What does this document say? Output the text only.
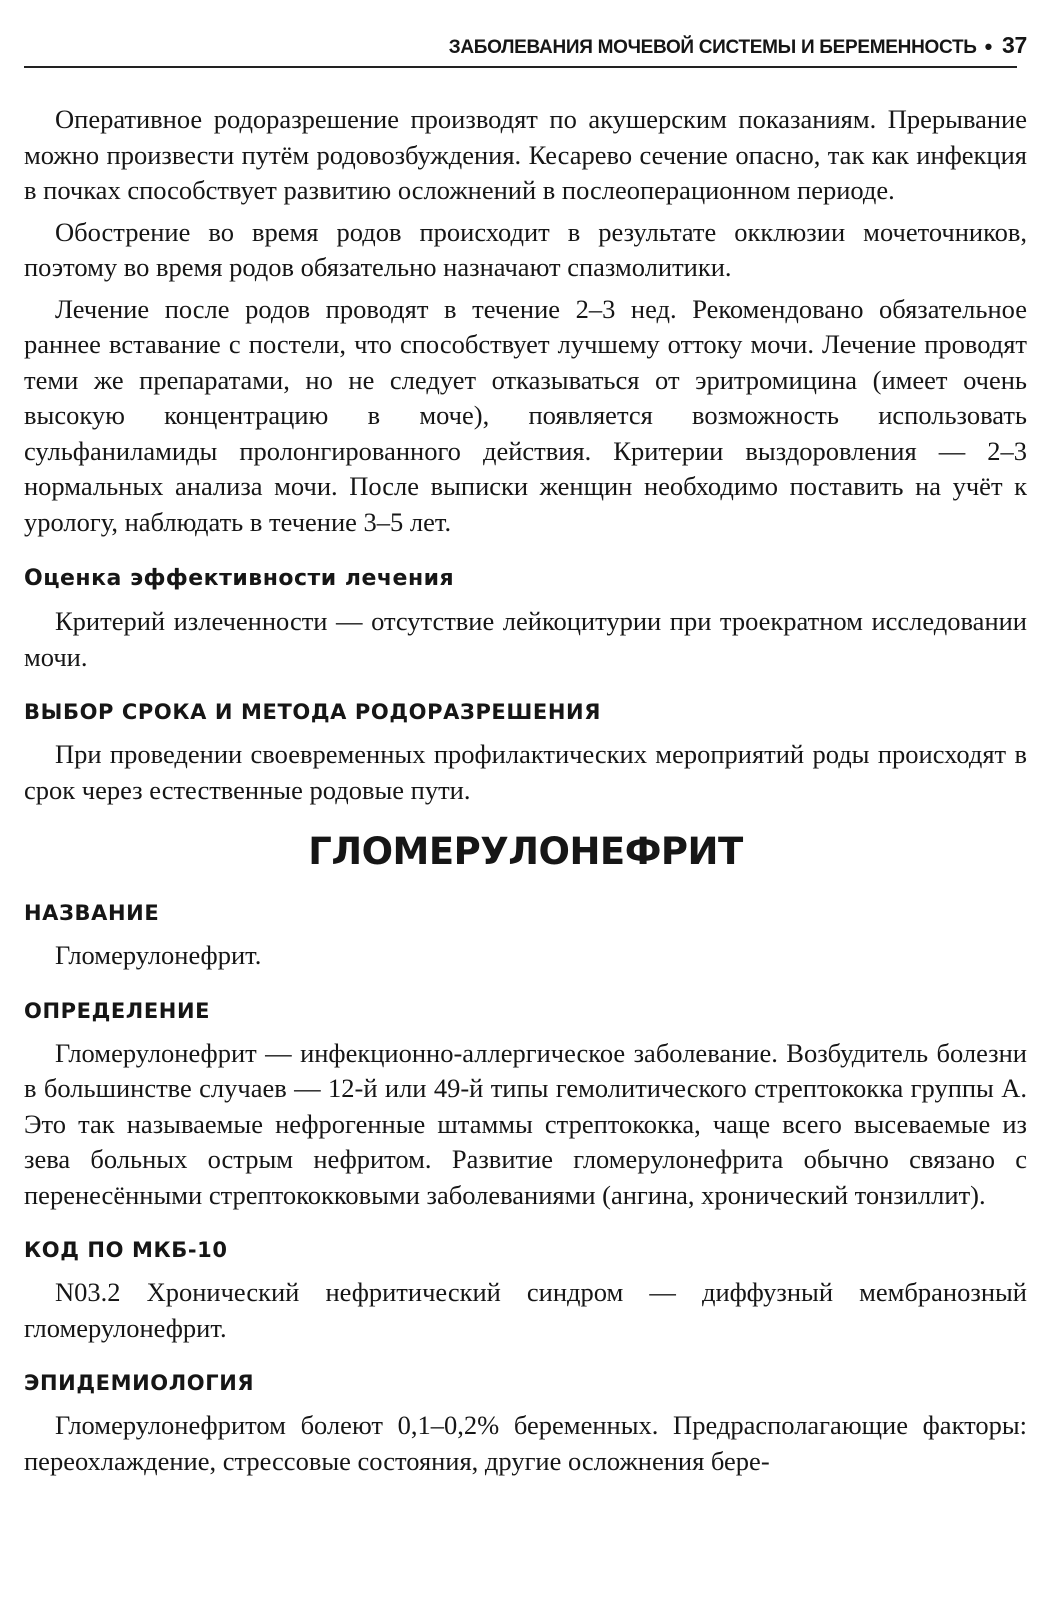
ЗАБОЛЕВАНИЯ МОЧЕВОЙ СИСТЕМЫ И БЕРЕМЕННОСТЬ • 37

Оперативное родоразрешение производят по акушерским показаниям. Прерывание можно произвести путём родовозбуждения. Кесарево сечение опасно, так как инфекция в почках способствует развитию осложнений в послеоперационном периоде.

Обострение во время родов происходит в результате окклюзии мочеточников, поэтому во время родов обязательно назначают спазмолитики.

Лечение после родов проводят в течение 2–3 нед. Рекомендовано обязательное раннее вставание с постели, что способствует лучшему оттоку мочи. Лечение проводят теми же препаратами, но не следует отказываться от эритромицина (имеет очень высокую концентрацию в моче), появляется возможность использовать сульфаниламиды пролонгированного действия. Критерии выздоровления — 2–3 нормальных анализа мочи. После выписки женщин необходимо поставить на учёт к урологу, наблюдать в течение 3–5 лет.

Оценка эффективности лечения

Критерий излеченности — отсутствие лейкоцитурии при троекратном исследовании мочи.

ВЫБОР СРОКА И МЕТОДА РОДОРАЗРЕШЕНИЯ

При проведении своевременных профилактических мероприятий роды происходят в срок через естественные родовые пути.

ГЛОМЕРУЛОНЕФРИТ
НАЗВАНИЕ

Гломерулонефрит.

ОПРЕДЕЛЕНИЕ

Гломерулонефрит — инфекционно-аллергическое заболевание. Возбудитель болезни в большинстве случаев — 12-й или 49-й типы гемолитического стрептококка группы А. Это так называемые нефрогенные штаммы стрептококка, чаще всего высеваемые из зева больных острым нефритом. Развитие гломерулонефрита обычно связано с перенесёнными стрептококковыми заболеваниями (ангина, хронический тонзиллит).

КОД ПО МКБ-10

N03.2 Хронический нефритический синдром — диффузный мембранозный гломерулонефрит.

ЭПИДЕМИОЛОГИЯ

Гломерулонефритом болеют 0,1–0,2% беременных. Предрасполагающие факторы: переохлаждение, стрессовые состояния, другие осложнения бере-
